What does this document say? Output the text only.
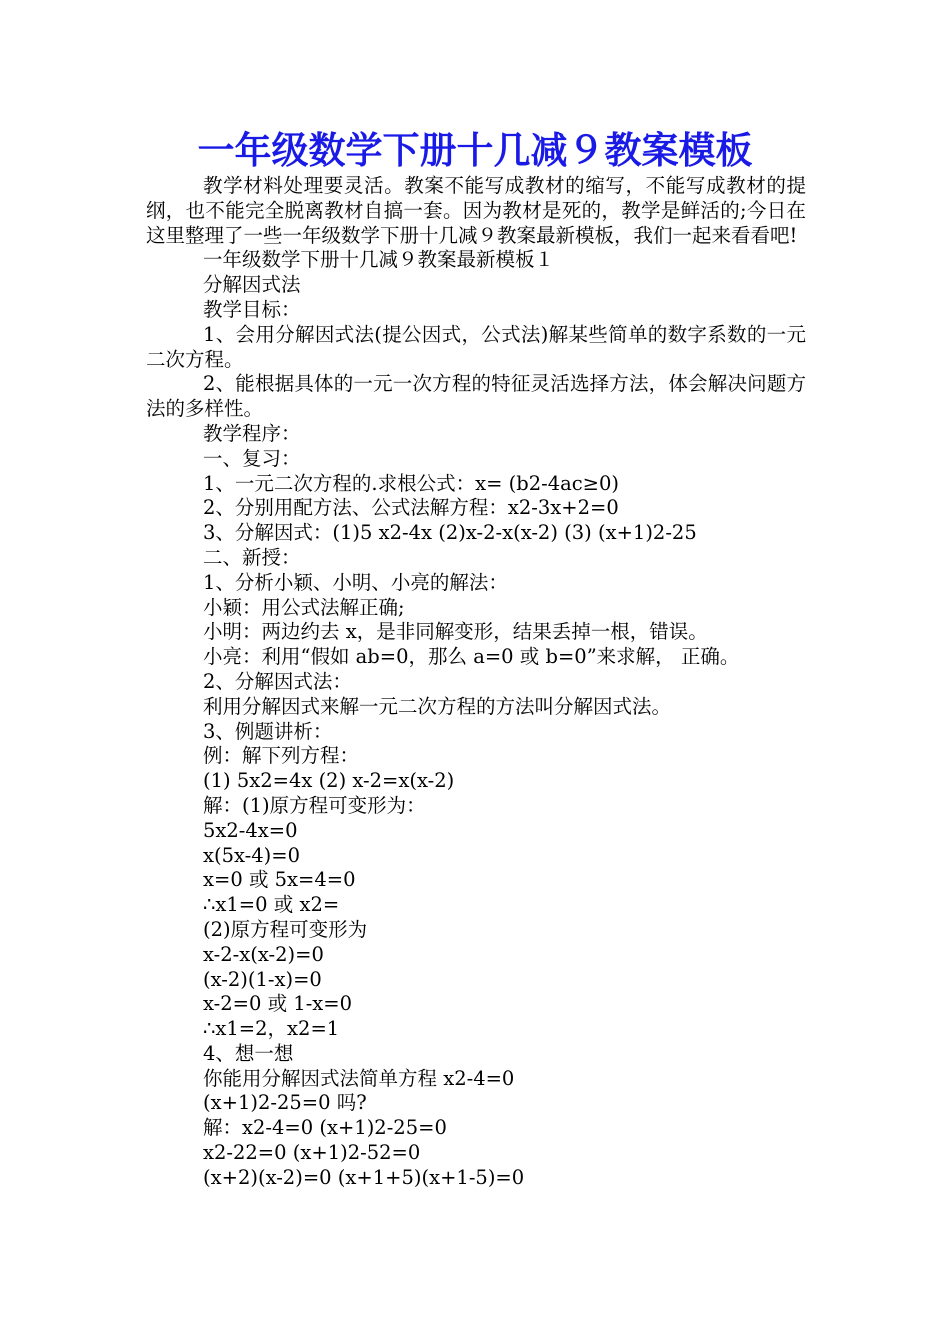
一年级数学下册十几减９教案模板

教学材料处理要灵活。教案不能写成教材的缩写，不能写成教材的提纲，也不能完全脱离教材自搞一套。因为教材是死的，教学是鲜活的;今日在这里整理了一些一年级数学下册十几减９教案最新模板，我们一起来看看吧!

一年级数学下册十几减９教案最新模板１

分解因式法

教学目标：

1、会用分解因式法(提公因式，公式法)解某些简单的数字系数的一元二次方程。

2、能根据具体的一元一次方程的特征灵活选择方法，体会解决问题方法的多样性。

教学程序：

一、复习：

1、一元二次方程的.求根公式：x= (b2-4ac≥0)

2、分别用配方法、公式法解方程：x2-3x+2=0

3、分解因式：(1)5 x2-4x (2)x-2-x(x-2) (3) (x+1)2-25

二、新授：

1、分析小颖、小明、小亮的解法：

小颖：用公式法解正确;

小明：两边约去 x，是非同解变形，结果丢掉一根，错误。

小亮：利用“假如 ab=0，那么 a=0 或 b=0”来求解， 正确。

2、分解因式法：

利用分解因式来解一元二次方程的方法叫分解因式法。

3、例题讲析：

例：解下列方程：

(1) 5x2=4x (2) x-2=x(x-2)

解：(1)原方程可变形为：

5x2-4x=0

x(5x-4)=0

x=0 或 5x=4=0

∴x1=0 或 x2=

(2)原方程可变形为

x-2-x(x-2)=0

(x-2)(1-x)=0

x-2=0 或 1-x=0

∴x1=2，x2=1

4、想一想

你能用分解因式法简单方程 x2-4=0

(x+1)2-25=0 吗?

解：x2-4=0 (x+1)2-25=0

x2-22=0 (x+1)2-52=0

(x+2)(x-2)=0 (x+1+5)(x+1-5)=0
